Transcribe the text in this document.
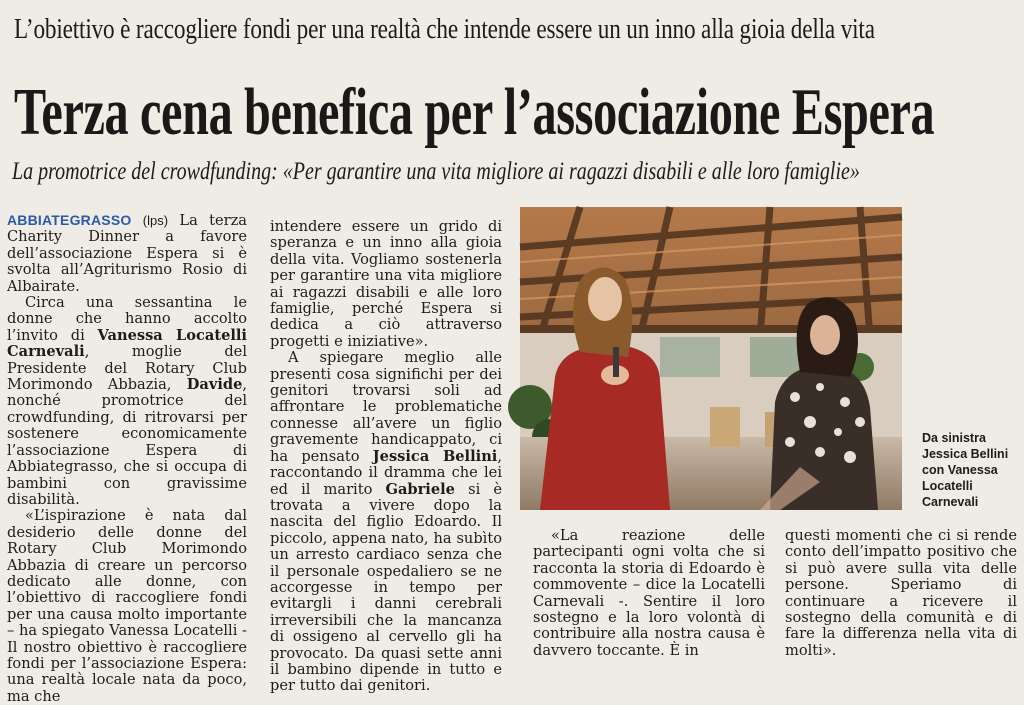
L’obiettivo è raccogliere fondi per una realtà che intende essere un un inno alla gioia della vita
Terza cena benefica per l’associazione Espera
La promotrice del crowdfunding: «Per garantire una vita migliore ai ragazzi disabili e alle loro famiglie»

ABBIATEGRASSO (lps) La terza Charity Dinner a favore dell’associazione Espera si è svolta all’Agriturismo Rosio di Albairate.

Circa una sessantina le donne che hanno accolto l’invito di Vanessa Locatelli Carnevali, moglie del Presidente del Rotary Club Morimondo Abbazia, Davide, nonché promotrice del crowdfunding, di ritrovarsi per sostenere economicamente l’associazione Espera di Abbiategrasso, che si occupa di bambini con gravissime disabilità.

«L’ispirazione è nata dal desiderio delle donne del Rotary Club Morimondo Abbazia di creare un percorso dedicato alle donne, con l’obiettivo di raccogliere fondi per una causa molto importante – ha spiegato Vanessa Locatelli - Il nostro obiettivo è raccogliere fondi per l’associazione Espera: una realtà locale nata da poco, ma che

intendere essere un grido di speranza e un inno alla gioia della vita. Vogliamo sostenerla per garantire una vita migliore ai ragazzi disabili e alle loro famiglie, perché Espera si dedica a ciò attraverso progetti e iniziative».

A spiegare meglio alle presenti cosa significhi per dei genitori trovarsi soli ad affrontare le problematiche connesse all’avere un figlio gravemente handicappato, ci ha pensato Jessica Bellini, raccontando il dramma che lei ed il marito Gabriele si è trovata a vivere dopo la nascita del figlio Edoardo. Il piccolo, appena nato, ha subìto un arresto cardiaco senza che il personale ospedaliero se ne accorgesse in tempo per evitargli i danni cerebrali irreversibili che la mancanza di ossigeno al cervello gli ha provocato. Da quasi sette anni il bambino dipende in tutto e per tutto dai genitori.

Da sinistra Jessica Bellini con Vanessa Locatelli Carnevali

«La reazione delle partecipanti ogni volta che si racconta la storia di Edoardo è commovente – dice la Locatelli Carnevali -. Sentire il loro sostegno e la loro volontà di contribuire alla nostra causa è davvero toccante. È in

questi momenti che ci si rende conto dell’impatto positivo che si può avere sulla vita delle persone. Speriamo di continuare a ricevere il sostegno della comunità e di fare la differenza nella vita di molti».
